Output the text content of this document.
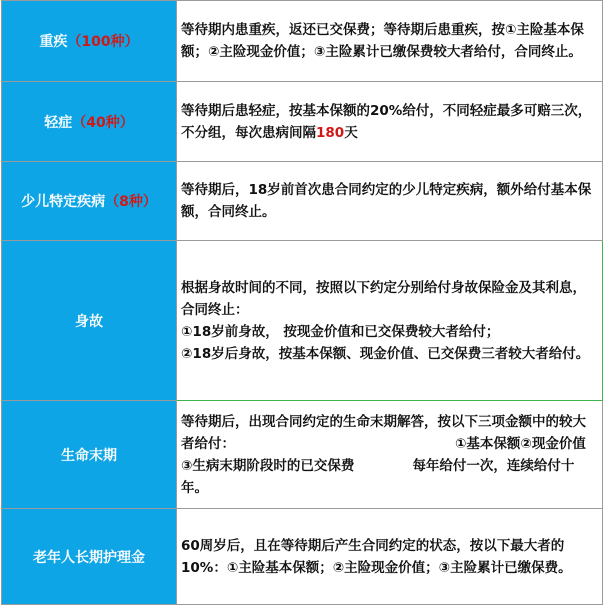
重疾（100种）	等待期内患重疾，返还已交保费；等待期后患重疾，按①主险基本保额；②主险现金价值；③主险累计已缴保费较大者给付，合同终止。
轻症（40种）	等待期后患轻症，按基本保额的20%给付，不同轻症最多可赔三次，不分组，每次患病间隔180天
少儿特定疾病（8种）	等待期后，18岁前首次患合同约定的少儿特定疾病，额外给付基本保额，合同终止。
身故	根据身故时间的不同，按照以下约定分别给付身故保险金及其利息，合同终止：
①18岁前身故， 按现金价值和已交保费较大者给付；
②18岁后身故，按基本保额、现金价值、已交保费三者较大者给付。

生命末期	等待期后，出现合同约定的生命末期解答，按以下三项金额中的较大者给付： ①基本保额②现金价值③生病末期阶段时的已交保费 每年给付一次，连续给付十年。
老年人长期护理金	60周岁后，且在等待期后产生合同约定的状态，按以下最大者的10%：①主险基本保额；②主险现金价值；③主险累计已缴保费。
